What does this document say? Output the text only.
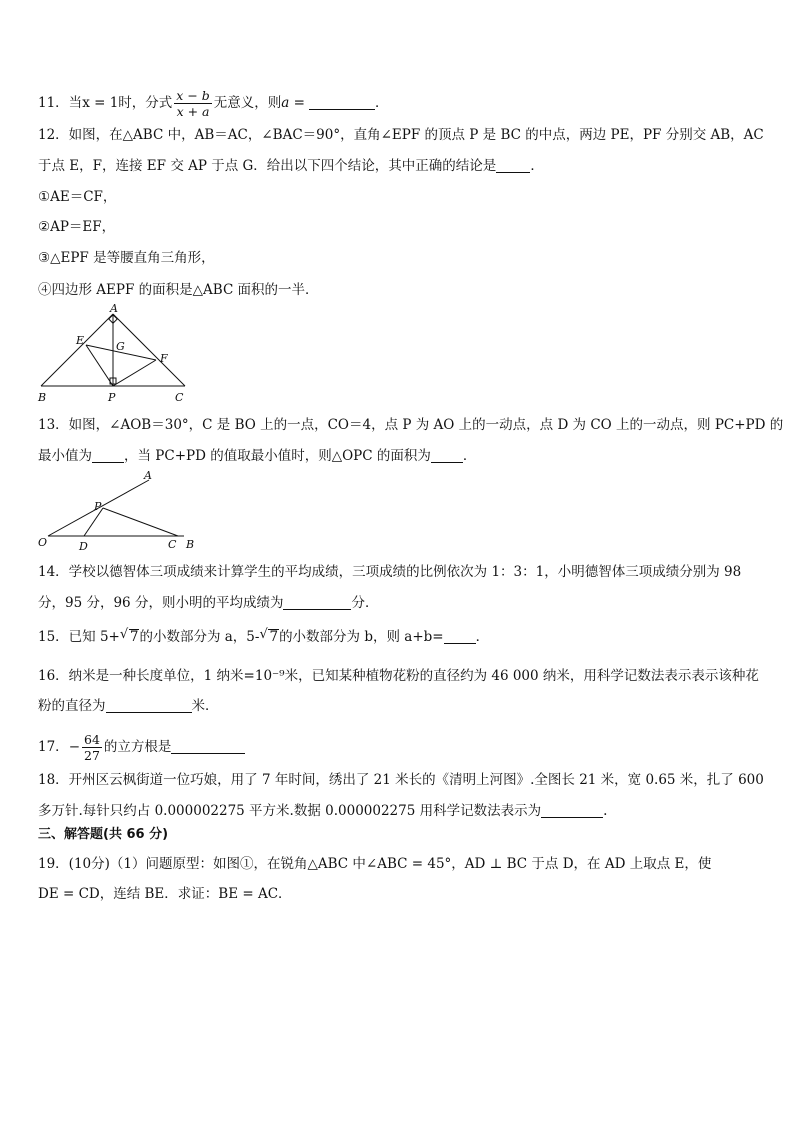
11．当x = 1时，分式 $\frac{x - b}{x + a}$ 无意义，则a =	．
12．如图，在△ABC 中，AB＝AC，∠BAC＝90°，直角∠EPF 的顶点 P 是 BC 的中点，两边 PE，PF 分别交 AB，AC
于点 E，F，连接 EF 交 AP 于点 G．给出以下四个结论，其中正确的结论是	．
①AE＝CF，
②AP＝EF，
③△EPF 是等腰直角三角形，
④四边形 AEPF 的面积是△ABC 面积的一半．
A
E	G
F
B	P	C
13．如图，∠AOB＝30°，C 是 BO 上的一点，CO＝4，点 P 为 AO 上的一动点，点 D 为 CO 上的一动点，则 PC+PD 的
最小值为 ，当 PC+PD 的值取最小值时，则△OPC 的面积为 ．
A
P
O	D	C B
14．学校以德智体三项成绩来计算学生的平均成绩，三项成绩的比例依次为 1：3：1，小明德智体三项成绩分别为 98
分，95 分，96 分，则小明的平均成绩为	分．
15．已知 5+ √ 7的小数部分为 a，5- √ 7的小数部分为 b，则 a+b= ．
16．纳米是一种长度单位，1 纳米=10⁻⁹米，已知某种植物花粉的直径约为 46 000 纳米，用科学记数法表示表示该种花
粉的直径为	米．
17．− $\frac{64}{27}$ 的立方根是
18．开州区云枫街道一位巧娘，用了 7 年时间，绣出了 21 米长的《清明上河图》.全图长 21 米，宽 0.65 米，扎了 600
多万针.每针只约占 0.000002275 平方米.数据 0.000002275 用科学记数法表示为	.
三、解答题(共 66 分)
19．(10分)（1）问题原型：如图①，在锐角△ABC 中∠ABC = 45°，AD ⊥ BC 于点 D，在 AD 上取点 E，使
DE = CD，连结 BE．求证：BE = AC．
